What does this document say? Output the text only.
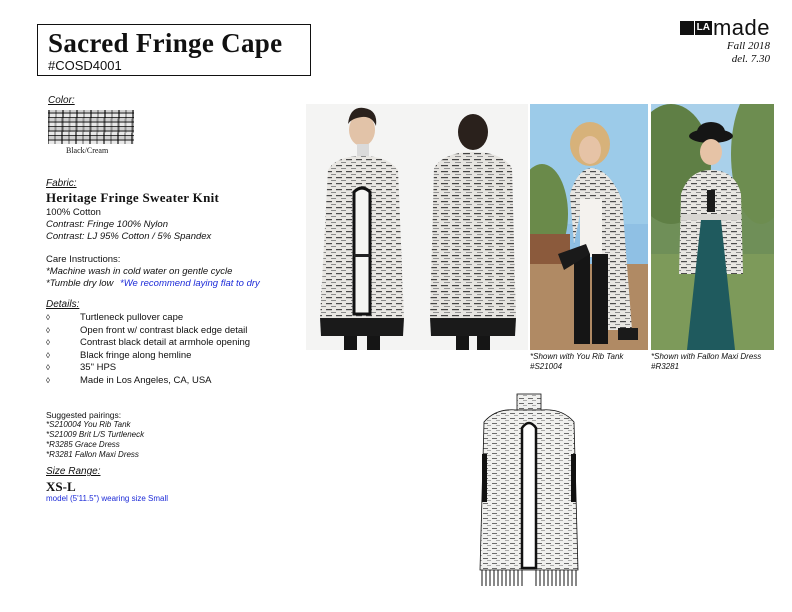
Sacred Fringe Cape
#COSD4001
LA made
Fall 2018
del. 7.30
Color:
Black/Cream
Fabric:
Heritage Fringe Sweater Knit
100% Cotton
Contrast: Fringe 100% Nylon
Contrast: LJ 95% Cotton / 5% Spandex
Care Instructions:
*Machine wash in cold water on gentle cycle
*Tumble dry low *We recommend laying flat to dry
Details:
◊	Turtleneck pullover cape
◊	Open front w/ contrast black edge detail
◊	Contrast black detail at armhole opening
◊	Black fringe along hemline
◊	35" HPS
◊	Made in Los Angeles, CA, USA
Suggested pairings:
*S210004 You Rib Tank
*S21009 Brit L/S Turtleneck
*R3285 Grace Dress
*R3281 Fallon Maxi Dress
Size Range:
XS-L
model (5'11.5") wearing size Small
*Shown with You Rib Tank
#S21004
*Shown with Fallon Maxi Dress
#R3281
